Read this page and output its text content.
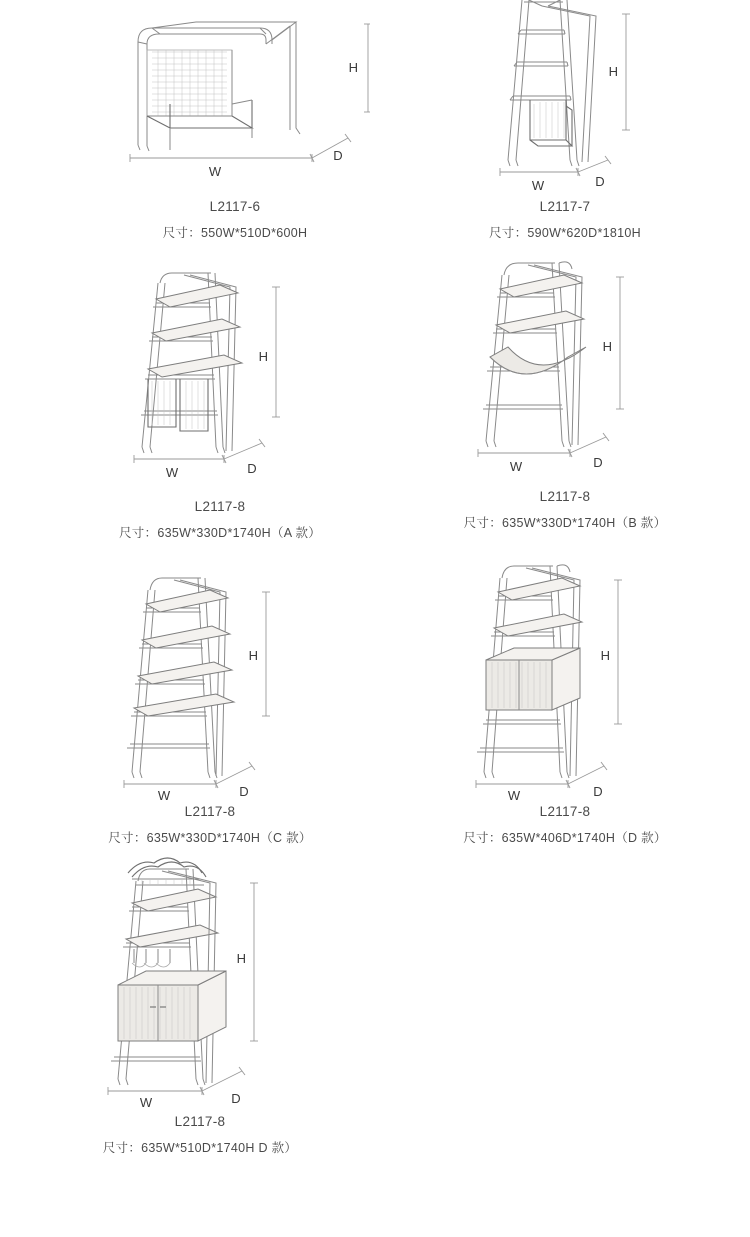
W
D
H
L2117-6
尺寸：550W*510D*600H
W	D
H
L2117-7
尺寸：590W*620D*1810H
W	D
H
L2117-8
尺寸：635W*330D*1740H（A 款）
W	D
H
L2117-8
尺寸：635W*330D*1740H（B 款）
W	D
H
L2117-8
尺寸：635W*330D*1740H（C 款）
W	D
H
L2117-8
尺寸：635W*406D*1740H（D 款）
W	D
H
L2117-8
尺寸：635W*510D*1740H D 款）
